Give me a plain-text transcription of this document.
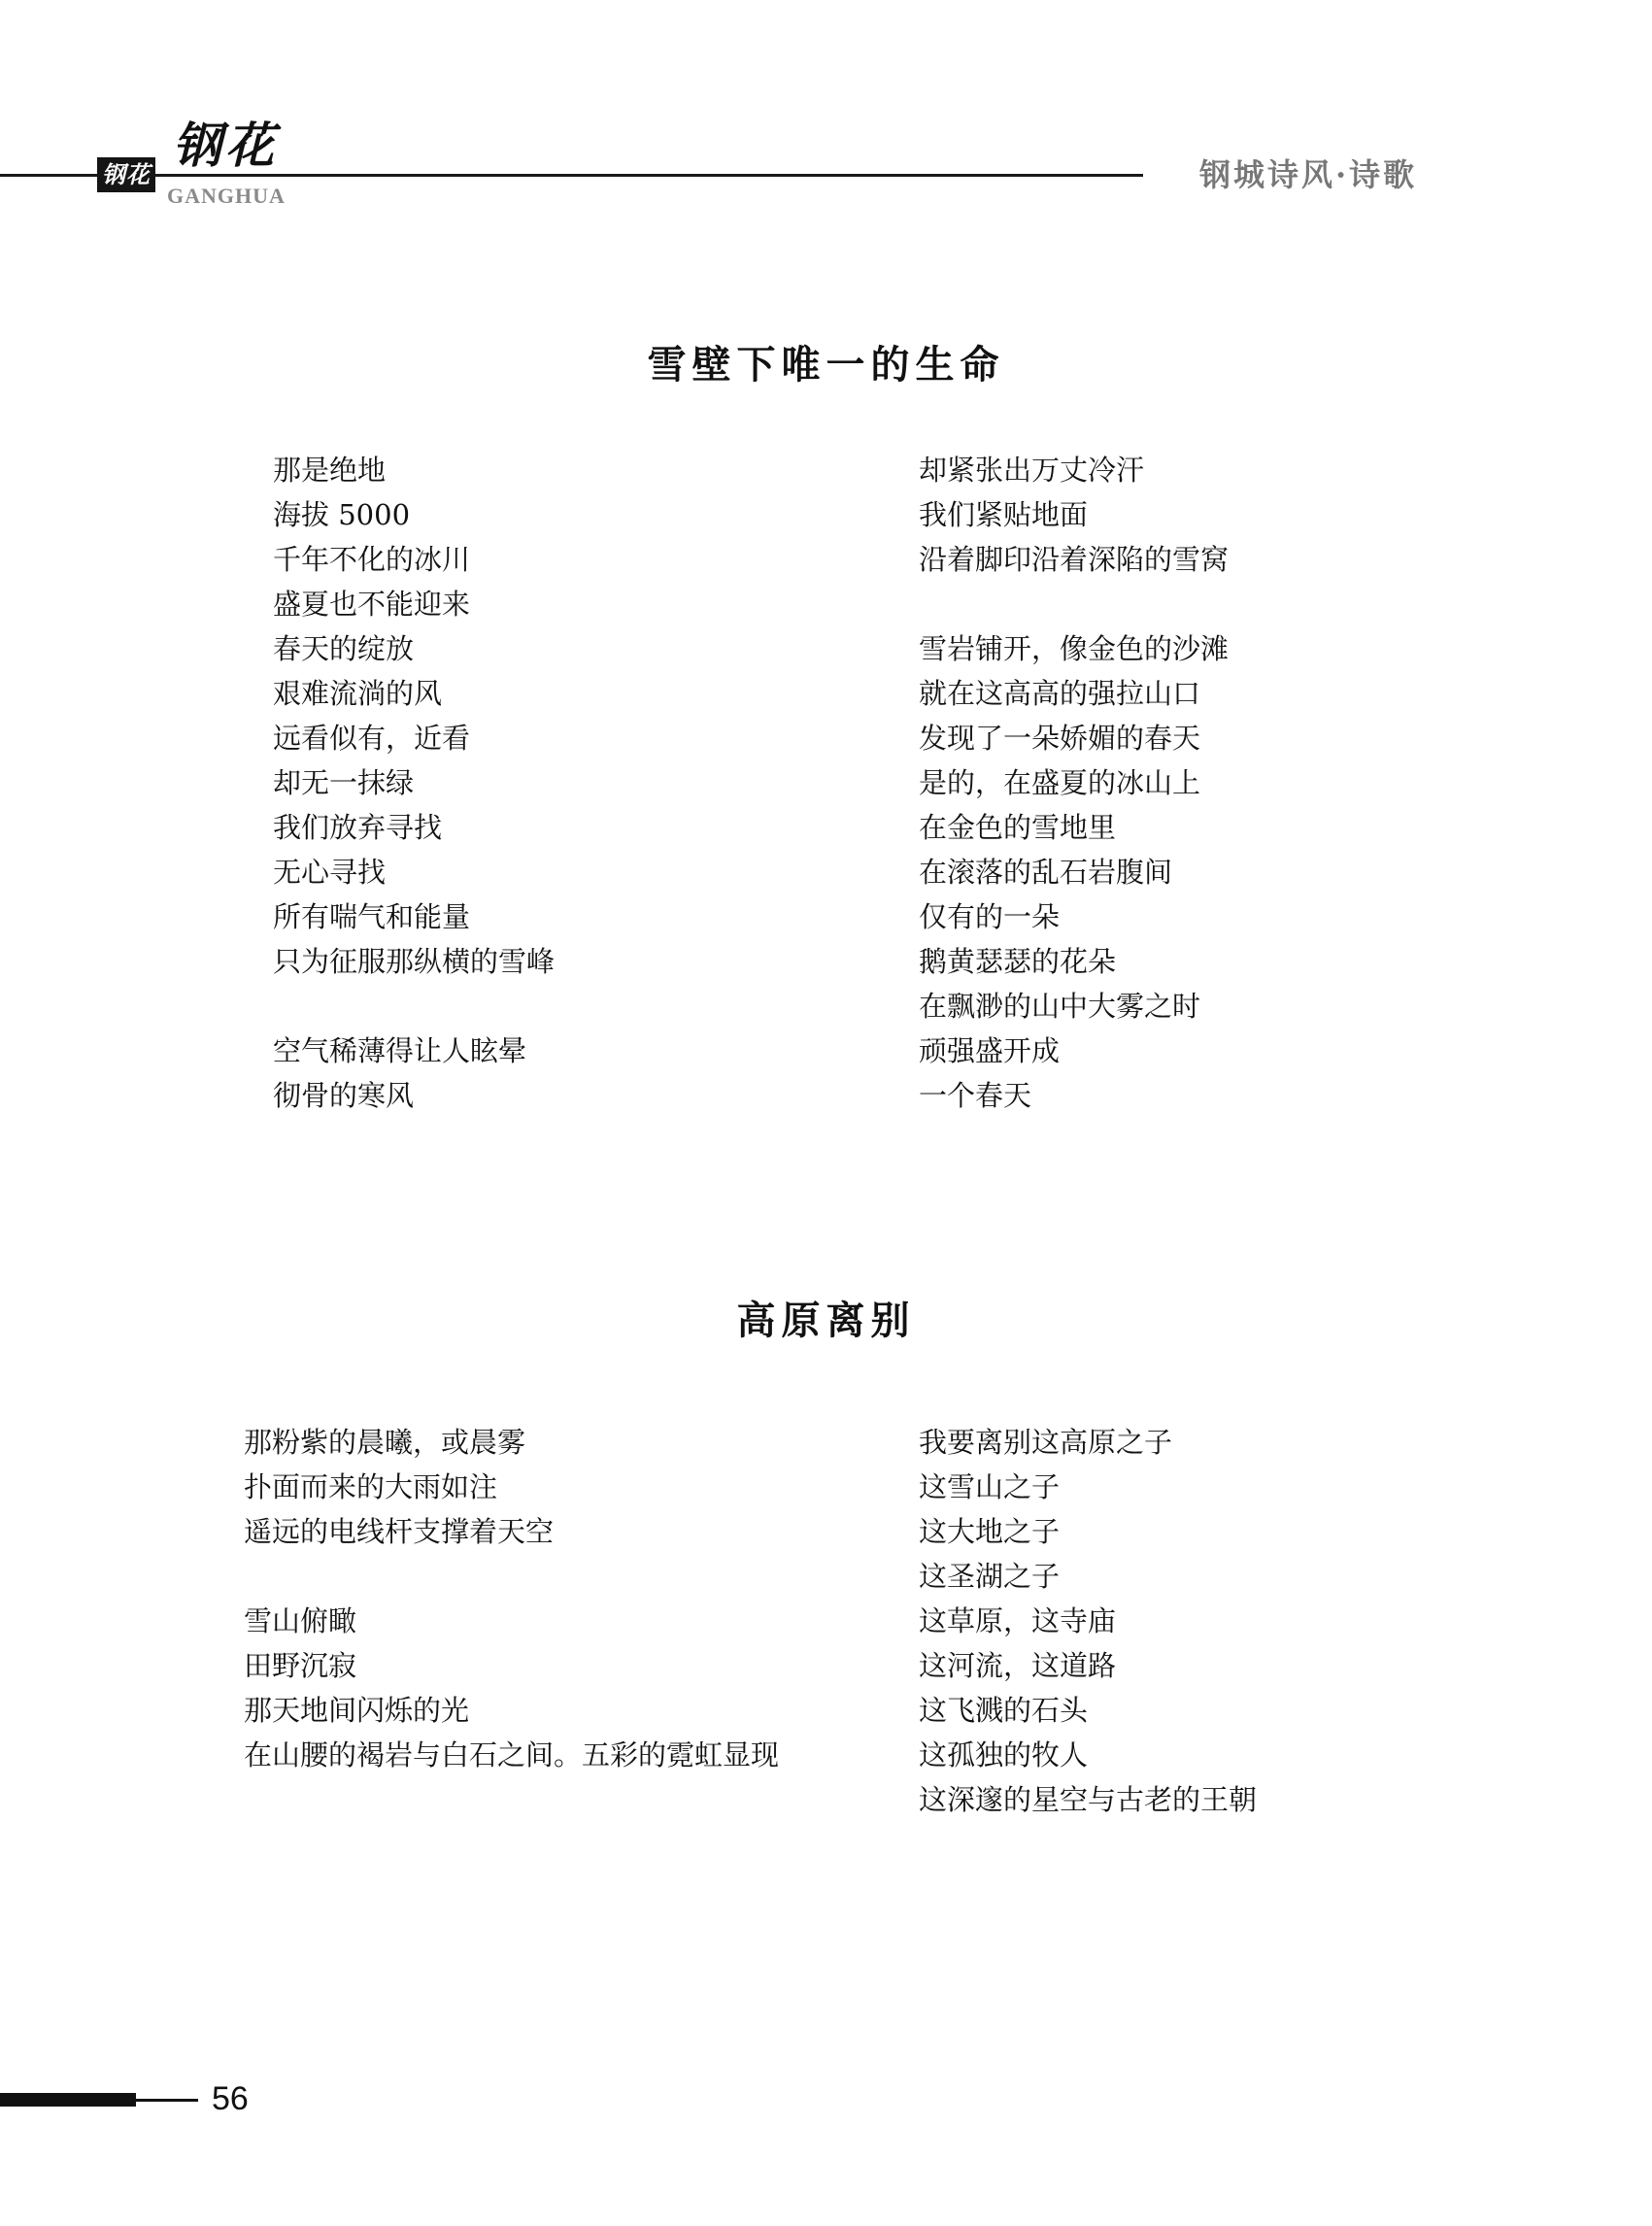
钢花
钢花
GANGHUA
钢城诗风·诗歌
雪壁下唯一的生命
那是绝地
海拔 5000
千年不化的冰川
盛夏也不能迎来
春天的绽放
艰难流淌的风
远看似有，近看
却无一抹绿
我们放弃寻找
无心寻找
所有喘气和能量
只为征服那纵横的雪峰
空气稀薄得让人眩晕
彻骨的寒风
却紧张出万丈冷汗
我们紧贴地面
沿着脚印沿着深陷的雪窝
雪岩铺开，像金色的沙滩
就在这高高的强拉山口
发现了一朵娇媚的春天
是的，在盛夏的冰山上
在金色的雪地里
在滚落的乱石岩腹间
仅有的一朵
鹅黄瑟瑟的花朵
在飘渺的山中大雾之时
顽强盛开成
一个春天
高原离别
那粉紫的晨曦，或晨雾
扑面而来的大雨如注
遥远的电线杆支撑着天空
雪山俯瞰
田野沉寂
那天地间闪烁的光
在山腰的褐岩与白石之间。五彩的霓虹显现
我要离别这高原之子
这雪山之子
这大地之子
这圣湖之子
这草原，这寺庙
这河流，这道路
这飞溅的石头
这孤独的牧人
这深邃的星空与古老的王朝
56
